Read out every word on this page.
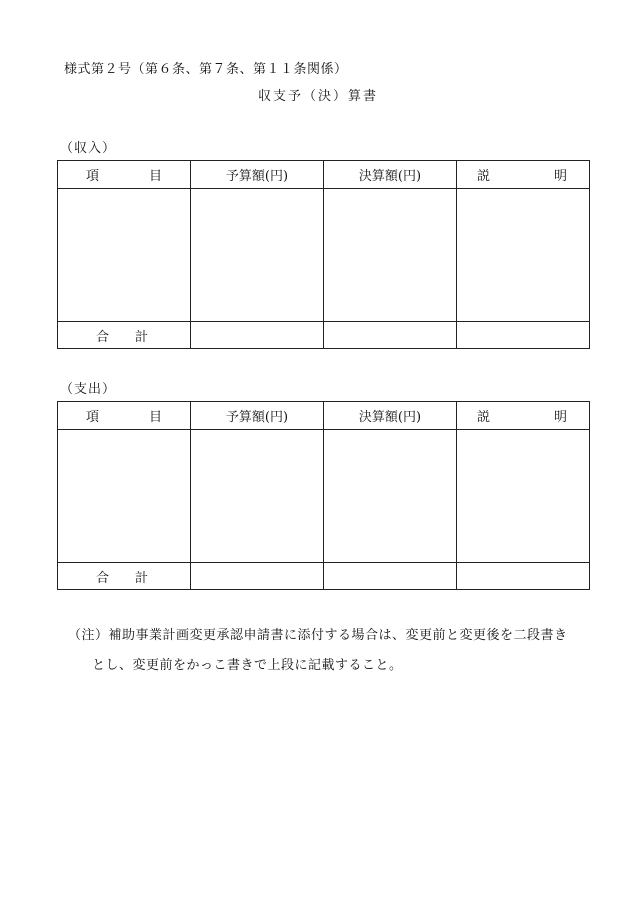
様式第２号（第６条、第７条、第１１条関係）
収支予（決）算書
（収入）
項 目	予算額(円)	決算額(円)	説 明

合 計			

（支出）
項 目	予算額(円)	決算額(円)	説 明

合 計			

（注）補助事業計画変更承認申請書に添付する場合は、変更前と変更後を二段書き
とし、変更前をかっこ書きで上段に記載すること。
